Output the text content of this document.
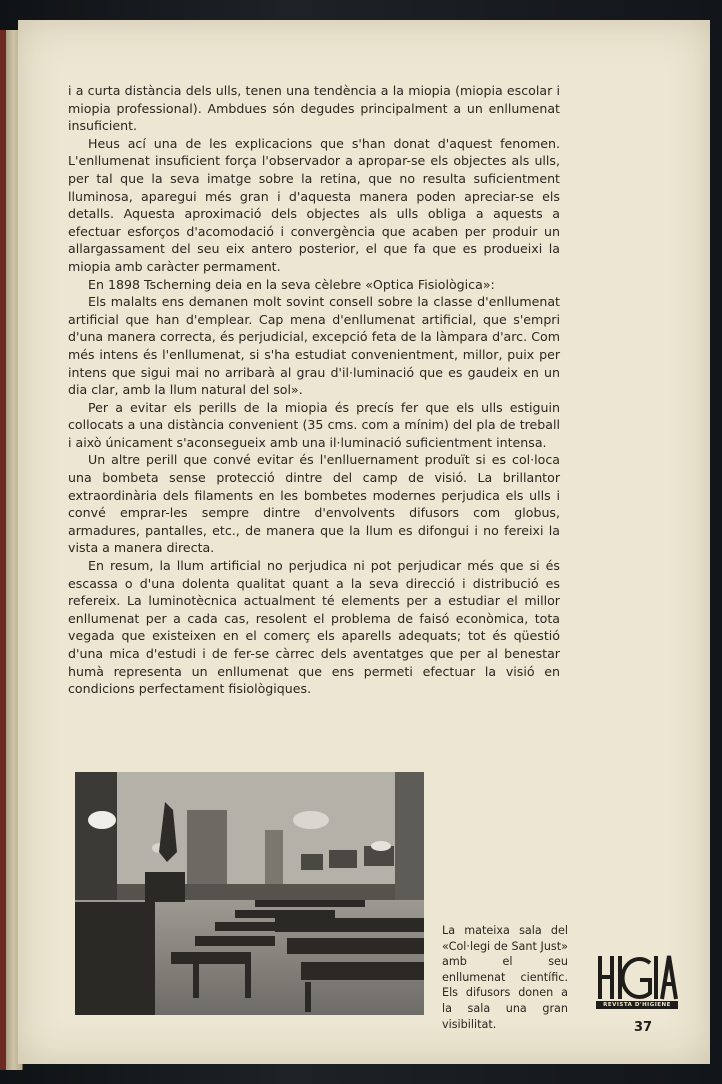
i a curta distància dels ulls, tenen una tendència a la miopia (miopia escolar i miopia professional). Ambdues són degudes principalment a un enllumenat insuficient.

Heus ací una de les explicacions que s'han donat d'aquest fenomen. L'enllumenat insuficient força l'observador a apropar-se els objectes als ulls, per tal que la seva imatge sobre la retina, que no resulta suficientment lluminosa, aparegui més gran i d'aquesta manera poden apreciar-se els detalls. Aquesta aproximació dels objectes als ulls obliga a aquests a efectuar esforços d'acomodació i convergència que acaben per produir un allargassament del seu eix antero posterior, el que fa que es produeixi la miopia amb caràcter permament.

En 1898 Tscherning deia en la seva cèlebre «Optica Fisiològica»:

Els malalts ens demanen molt sovint consell sobre la classe d'enllumenat artificial que han d'emplear. Cap mena d'enllumenat artificial, que s'empri d'una manera correcta, és perjudicial, excepció feta de la làmpara d'arc. Com més intens és l'enllumenat, si s'ha estudiat convenientment, millor, puix per intens que sigui mai no arribarà al grau d'il·luminació que es gaudeix en un dia clar, amb la llum natural del sol».

Per a evitar els perills de la miopia és precís fer que els ulls estiguin collocats a una distància convenient (35 cms. com a mínim) del pla de treball i això únicament s'aconsegueix amb una il·luminació suficientment intensa.

Un altre perill que convé evitar és l'enlluernament produït si es col·loca una bombeta sense protecció dintre del camp de visió. La brillantor extraordinària dels filaments en les bombetes modernes perjudica els ulls i convé emprar-les sempre dintre d'envolvents difusors com globus, armadures, pantalles, etc., de manera que la llum es difongui i no fereixi la vista a manera directa.

En resum, la llum artificial no perjudica ni pot perjudicar més que si és escassa o d'una dolenta qualitat quant a la seva direcció i distribució es refereix. La luminotècnica actualment té elements per a estudiar el millor enllumenat per a cada cas, resolent el problema de faisó econòmica, tota vegada que existeixen en el comerç els aparells adequats; tot és qüestió d'una mica d'estudi i de fer-se càrrec dels aventatges que per al benestar humà representa un enllumenat que ens permeti efectuar la visió en condicions perfectament fisiològiques.

La mateixa sala del «Col·legi de Sant Just» amb el seu enllumenat científic. Els difusors donen a la sala una gran visibilitat.
REVISTA D'HIGIENE
37
